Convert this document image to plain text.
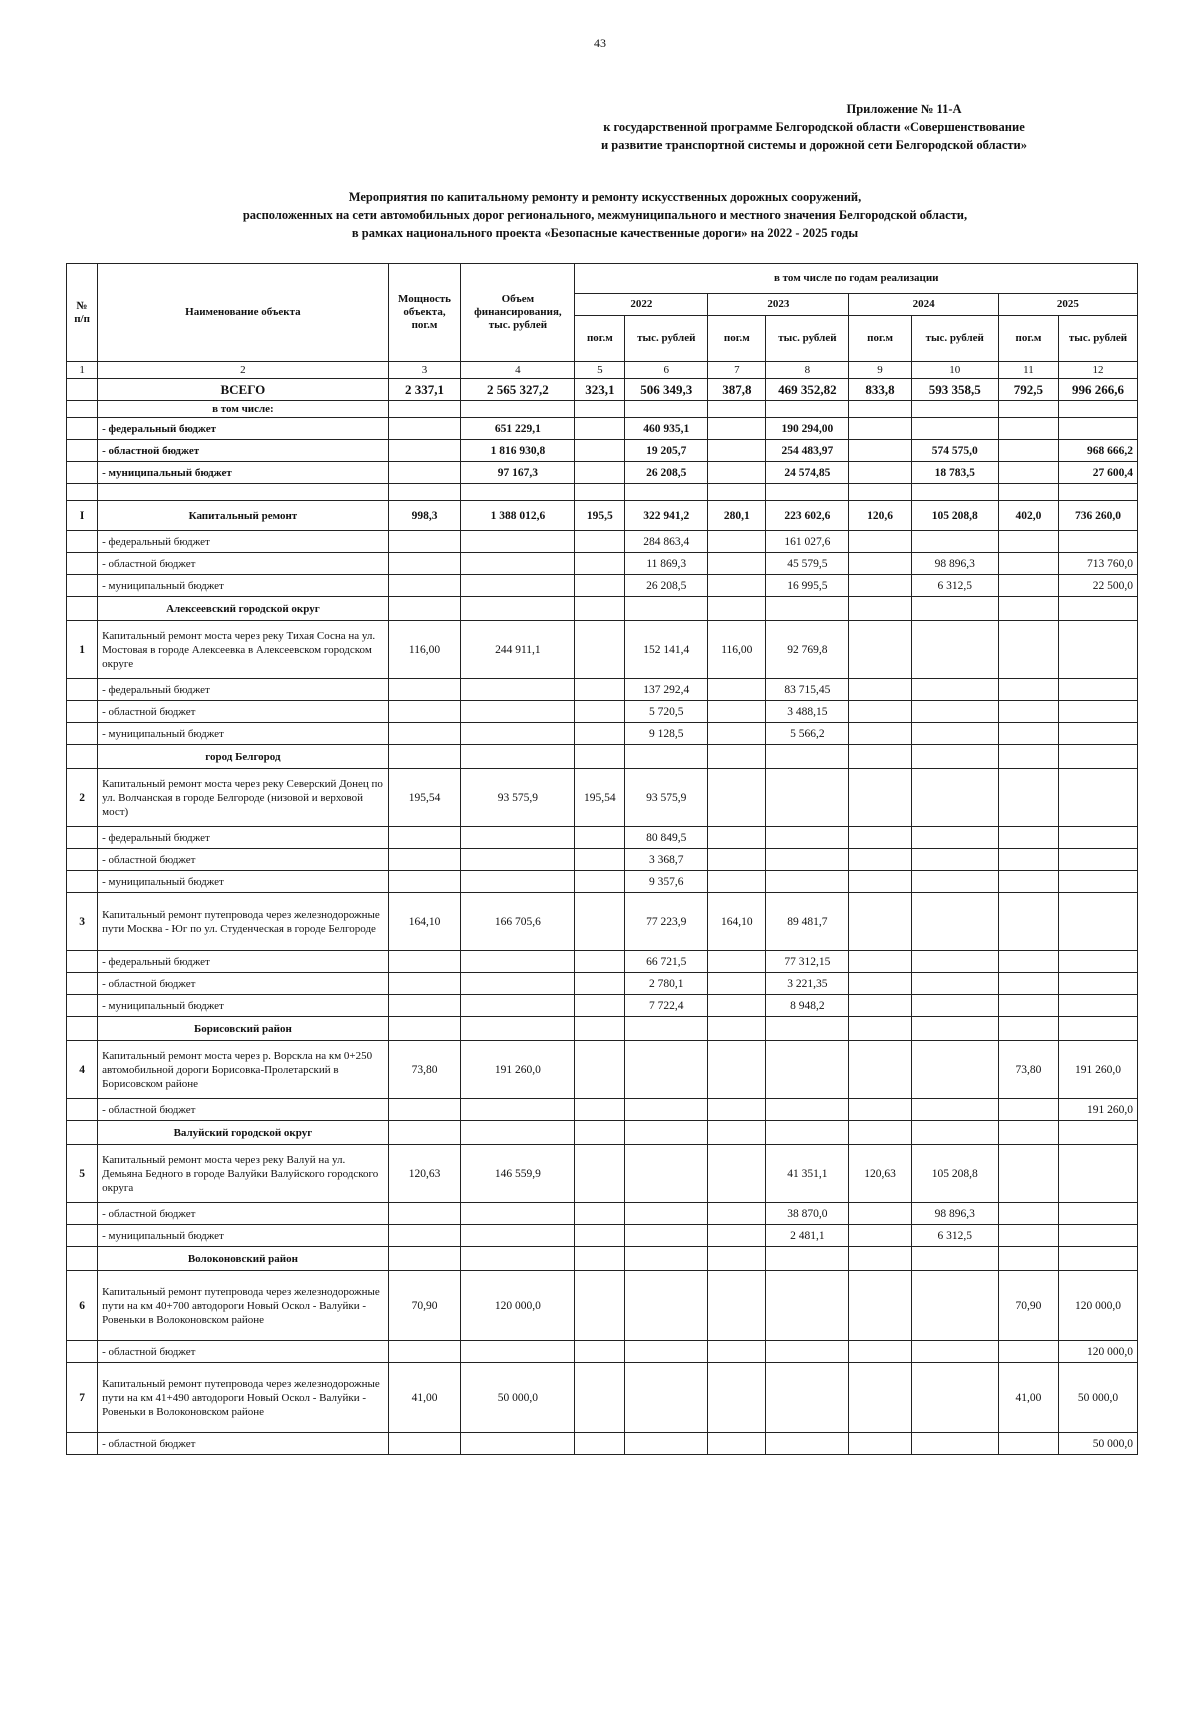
43
Приложение № 11-А
к государственной программе Белгородской области «Совершенствование
и развитие транспортной системы и дорожной сети Белгородской области»
Мероприятия по капитальному ремонту и ремонту искусственных дорожных сооружений,
расположенных на сети автомобильных дорог регионального, межмуниципального и местного значения Белгородской области,
в рамках национального проекта «Безопасные качественные дороги» на 2022 - 2025 годы
№ п/п	Наименование объекта	Мощность объекта, пог.м	Объем финансирования, тыс. рублей	в том числе по годам реализации							
				2022		2023		2024		2025	
				пог.м	тыс. рублей	пог.м	тыс. рублей	пог.м	тыс. рублей	пог.м	тыс. рублей
1	2	3	4	5	6	7	8	9	10	11	12
	ВСЕГО	2 337,1	2 565 327,2	323,1	506 349,3	387,8	469 352,82	833,8	593 358,5	792,5	996 266,6
	в том числе:										
	- федеральный бюджет		651 229,1		460 935,1		190 294,00				
	- областной бюджет		1 816 930,8		19 205,7		254 483,97		574 575,0		968 666,2
	- муниципальный бюджет		97 167,3		26 208,5		24 574,85		18 783,5		27 600,4

I	Капитальный ремонт	998,3	1 388 012,6	195,5	322 941,2	280,1	223 602,6	120,6	105 208,8	402,0	736 260,0
	- федеральный бюджет				284 863,4		161 027,6				
	- областной бюджет				11 869,3		45 579,5		98 896,3		713 760,0
	- муниципальный бюджет				26 208,5		16 995,5		6 312,5		22 500,0
	Алексеевский городской округ										
1	Капитальный ремонт моста через реку Тихая Сосна на ул. Мостовая в городе Алексеевка в Алексеевском городском округе	116,00	244 911,1		152 141,4	116,00	92 769,8				
	- федеральный бюджет				137 292,4		83 715,45				
	- областной бюджет				5 720,5		3 488,15				
	- муниципальный бюджет				9 128,5		5 566,2				
	город Белгород										
2	Капитальный ремонт моста через реку Северский Донец по ул. Волчанская в городе Белгороде (низовой и верховой мост)	195,54	93 575,9	195,54	93 575,9						
	- федеральный бюджет				80 849,5						
	- областной бюджет				3 368,7						
	- муниципальный бюджет				9 357,6						
3	Капитальный ремонт путепровода через железнодорожные пути Москва - Юг по ул. Студенческая в городе Белгороде	164,10	166 705,6		77 223,9	164,10	89 481,7				
	- федеральный бюджет				66 721,5		77 312,15				
	- областной бюджет				2 780,1		3 221,35				
	- муниципальный бюджет				7 722,4		8 948,2				
	Борисовский район										
4	Капитальный ремонт моста через р. Ворскла на км 0+250 автомобильной дороги Борисовка-Пролетарский в Борисовском районе	73,80	191 260,0							73,80	191 260,0
	- областной бюджет										191 260,0
	Валуйский городской округ										
5	Капитальный ремонт моста через реку Валуй на ул. Демьяна Бедного в городе Валуйки Валуйского городского округа	120,63	146 559,9				41 351,1	120,63	105 208,8		
	- областной бюджет						38 870,0		98 896,3		
	- муниципальный бюджет						2 481,1		6 312,5		
	Волоконовский район										
6	Капитальный ремонт путепровода через железнодорожные пути на км 40+700 автодороги Новый Оскол - Валуйки - Ровеньки в Волоконовском районе	70,90	120 000,0							70,90	120 000,0
	- областной бюджет										120 000,0
7	Капитальный ремонт путепровода через железнодорожные пути на км 41+490 автодороги Новый Оскол - Валуйки - Ровеньки в Волоконовском районе	41,00	50 000,0							41,00	50 000,0
	- областной бюджет										50 000,0
